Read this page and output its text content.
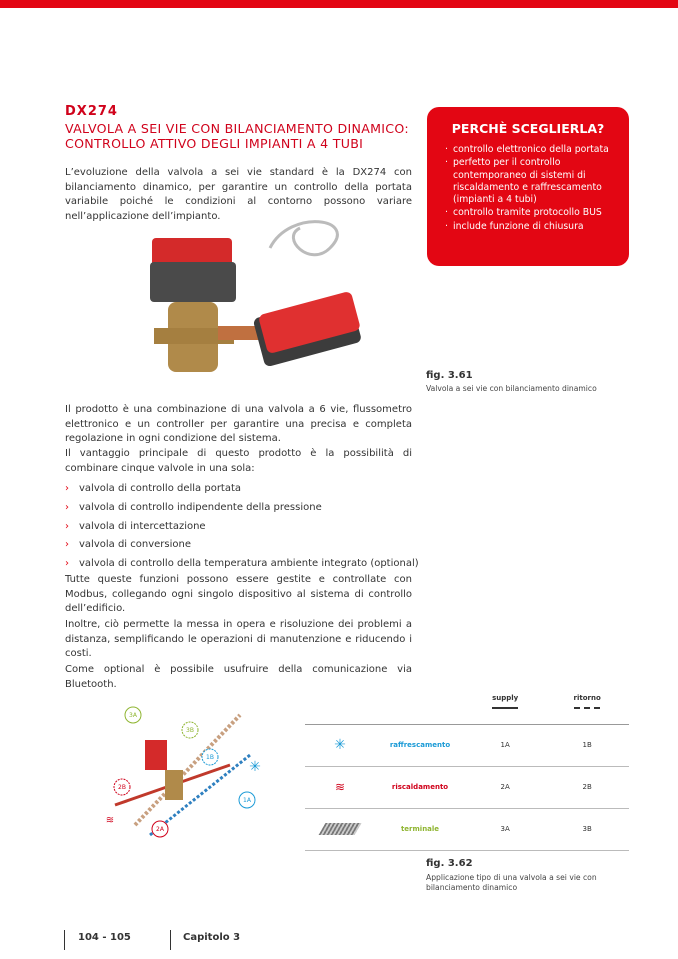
DX274
VALVOLA A SEI VIE CON BILANCIAMENTO DINAMICO: CONTROLLO ATTIVO DEGLI IMPIANTI A 4 TUBI
L’evoluzione della valvola a sei vie standard è la DX274 con bilanciamento dinamico, per garantire un controllo della portata variabile poiché le condizioni al contorno possono variare nell’applicazione dell’impianto.
PERCHÈ SCEGLIERLA?
· controllo elettronico della portata
· perfetto per il controllo contemporaneo di sistemi di riscaldamento e raffrescamento (impianti a 4 tubi)
· controllo tramite protocollo BUS
· include funzione di chiusura
fig. 3.61
Valvola a sei vie con bilanciamento dinamico
Il prodotto è una combinazione di una valvola a 6 vie, flussometro elettronico e un controller per garantire una precisa e completa regolazione in ogni condizione del sistema.
Il vantaggio principale di questo prodotto è la possibilità di combinare cinque valvole in una sola:
› valvola di controllo della portata
› valvola di controllo indipendente della pressione
› valvola di intercettazione
› valvola di conversione
› valvola di controllo della temperatura ambiente integrato (optional)
Tutte queste funzioni possono essere gestite e controllate con Modbus, collegando ogni singolo dispositivo al sistema di controllo dell’edificio.
Inoltre, ciò permette la messa in opera e risoluzione dei problemi a distanza, semplificando le operazioni di manutenzione e riducendo i costi.
Come optional è possibile usufruire della comunicazione via Bluetooth.
3A
3B
1B
2B
1A
2A
✳
≋
		supply	ritorno

✳	raffrescamento	1A	1B
≋	riscaldamento	2A	2B

	terminale	3A	3B
fig. 3.62
Applicazione tipo di una valvola a sei vie con bilanciamento dinamico
104 - 105	Capitolo 3
